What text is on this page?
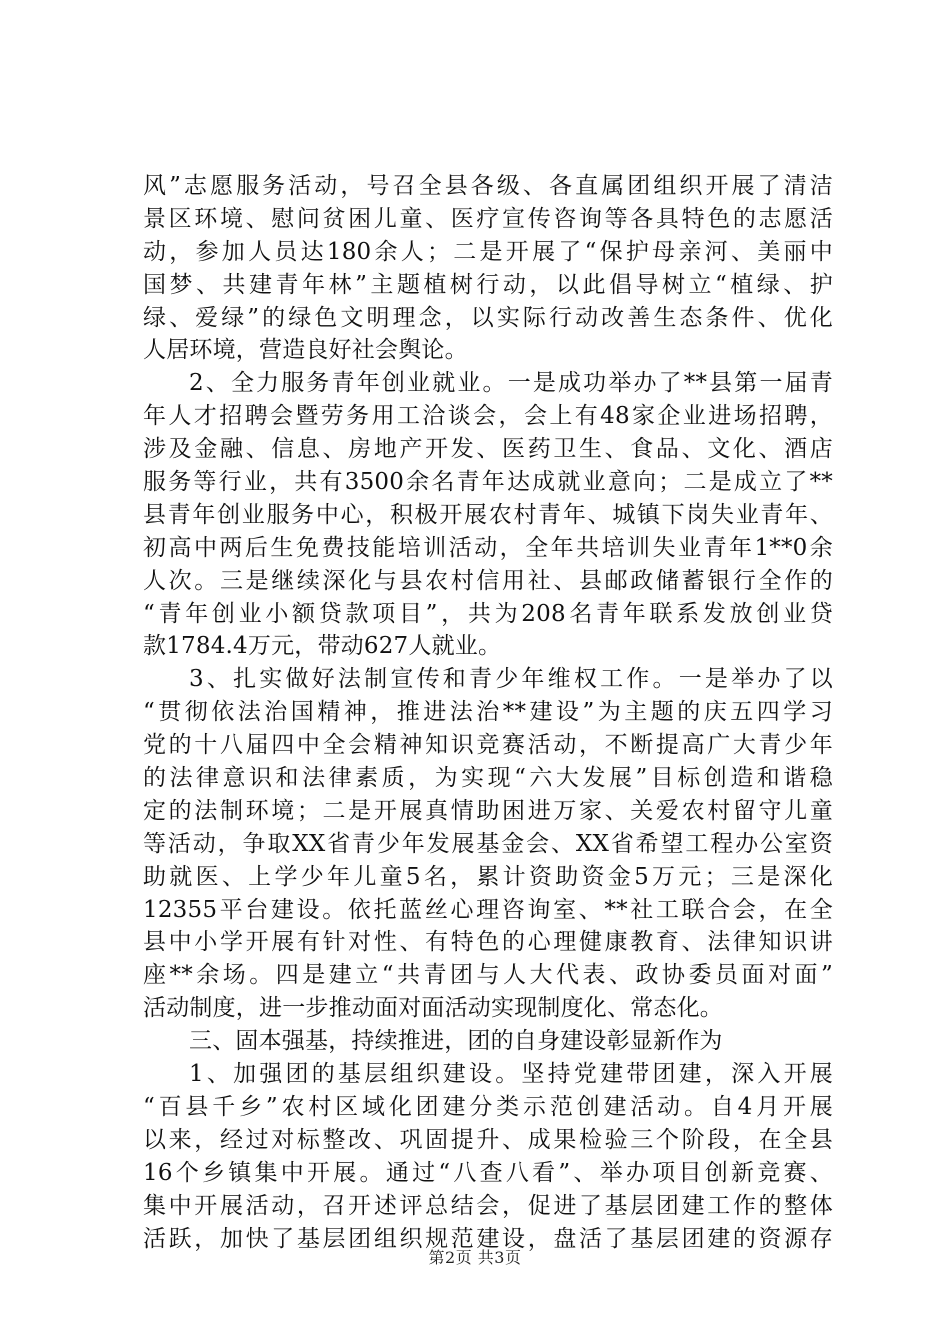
风”志愿服务活动，号召全县各级、各直属团组织开展了清洁
景区环境、慰问贫困儿童、医疗宣传咨询等各具特色的志愿活
动，参加人员达180余人；二是开展了“保护母亲河、美丽中
国梦、共建青年林”主题植树行动，以此倡导树立“植绿、护
绿、爱绿”的绿色文明理念，以实际行动改善生态条件、优化
人居环境，营造良好社会舆论。
2、全力服务青年创业就业。一是成功举办了**县第一届青
年人才招聘会暨劳务用工洽谈会，会上有48家企业进场招聘，
涉及金融、信息、房地产开发、医药卫生、食品、文化、酒店
服务等行业，共有3500余名青年达成就业意向；二是成立了**
县青年创业服务中心，积极开展农村青年、城镇下岗失业青年、
初高中两后生免费技能培训活动，全年共培训失业青年1**0余
人次。三是继续深化与县农村信用社、县邮政储蓄银行全作的
“青年创业小额贷款项目”，共为208名青年联系发放创业贷
款1784.4万元，带动627人就业。
3、扎实做好法制宣传和青少年维权工作。一是举办了以
“贯彻依法治国精神，推进法治**建设”为主题的庆五四学习
党的十八届四中全会精神知识竞赛活动，不断提高广大青少年
的法律意识和法律素质，为实现“六大发展”目标创造和谐稳
定的法制环境；二是开展真情助困进万家、关爱农村留守儿童
等活动，争取XX省青少年发展基金会、XX省希望工程办公室资
助就医、上学少年儿童5名，累计资助资金5万元；三是深化
12355平台建设。依托蓝丝心理咨询室、**社工联合会，在全
县中小学开展有针对性、有特色的心理健康教育、法律知识讲
座**余场。四是建立“共青团与人大代表、政协委员面对面”
活动制度，进一步推动面对面活动实现制度化、常态化。
三、固本强基，持续推进，团的自身建设彰显新作为
1、加强团的基层组织建设。坚持党建带团建，深入开展
“百县千乡”农村区域化团建分类示范创建活动。自4月开展
以来，经过对标整改、巩固提升、成果检验三个阶段，在全县
16个乡镇集中开展。通过“八查八看”、举办项目创新竞赛、
集中开展活动，召开述评总结会，促进了基层团建工作的整体
活跃，加快了基层团组织规范建设，盘活了基层团建的资源存
第2页 共3页
